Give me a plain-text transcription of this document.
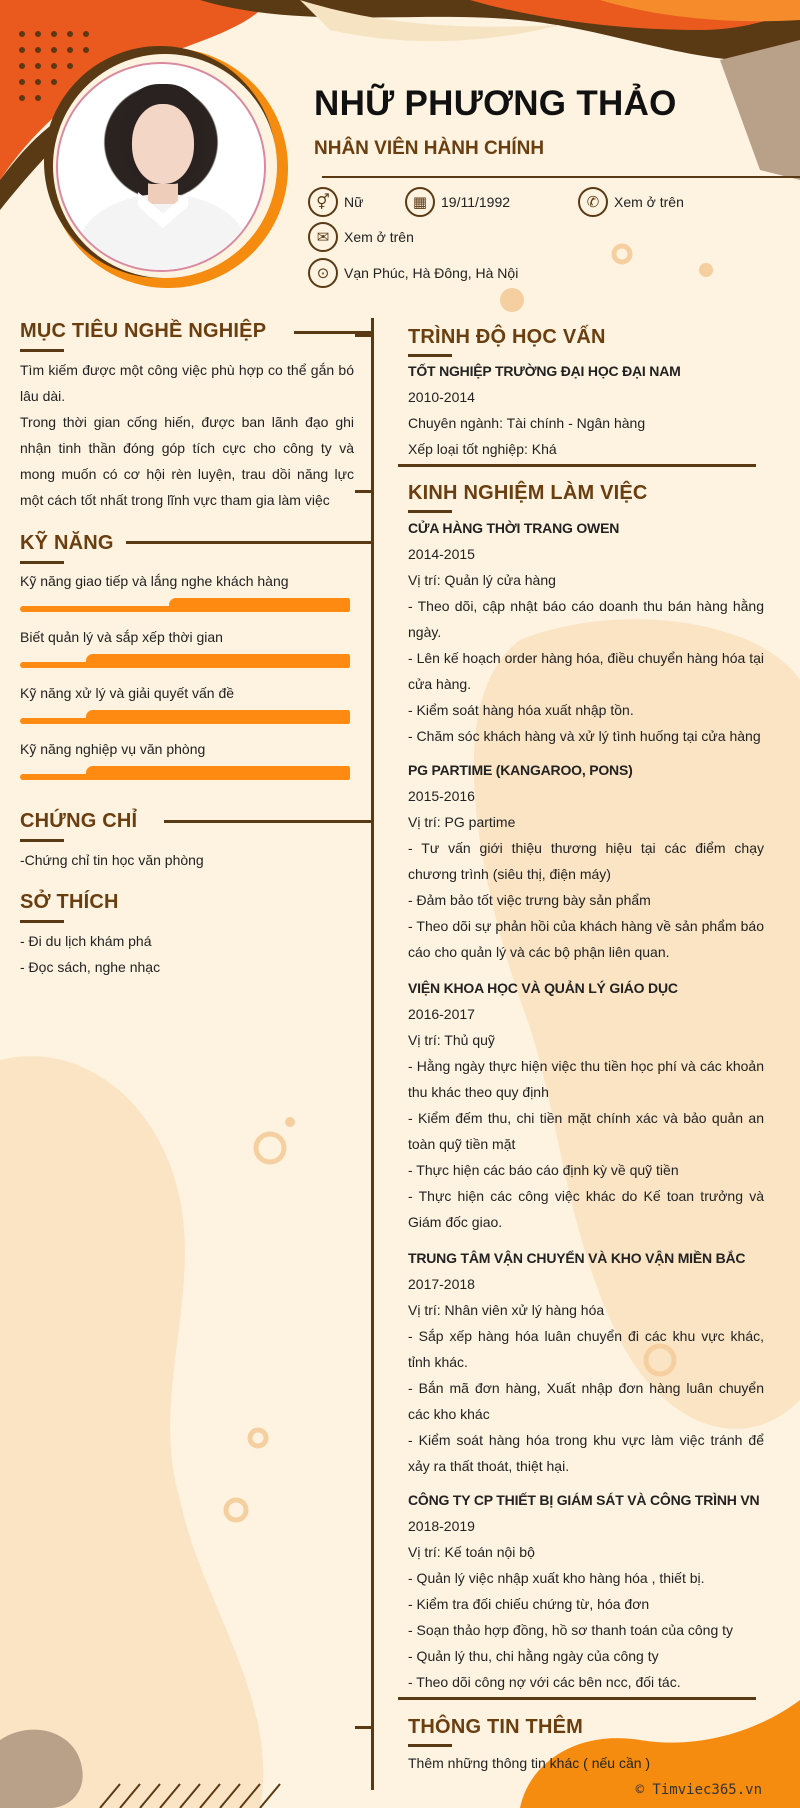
NHỮ PHƯƠNG THẢO
NHÂN VIÊN HÀNH CHÍNH
⚥	Nữ	▦ 19/11/1992	✆	Xem ở trên
✉	Xem ở trên
⊙	Vạn Phúc, Hà Đông, Hà Nội
MỤC TIÊU NGHỀ NGHIỆP
Tìm kiếm được một công việc phù hợp co thể gắn bó lâu dài.
Trong thời gian cống hiến, được ban lãnh đạo ghi nhận tinh thần đóng góp tích cực cho công ty và mong muốn có cơ hội rèn luyện, trau dồi năng lực một cách tốt nhất trong lĩnh vực tham gia làm việc
KỸ NĂNG
Kỹ năng giao tiếp và lắng nghe khách hàng
Biết quản lý và sắp xếp thời gian
Kỹ năng xử lý và giải quyết vấn đề
Kỹ năng nghiệp vụ văn phòng
CHỨNG CHỈ
-Chứng chỉ tin học văn phòng
SỞ THÍCH
- Đi du lịch khám phá
- Đọc sách, nghe nhạc
TRÌNH ĐỘ HỌC VẤN
TỐT NGHIỆP TRƯỜNG ĐẠI HỌC ĐẠI NAM
2010-2014
Chuyên ngành: Tài chính - Ngân hàng
Xếp loại tốt nghiệp: Khá
KINH NGHIỆM LÀM VIỆC
CỬA HÀNG THỜI TRANG OWEN
2014-2015
Vị trí: Quản lý cửa hàng
- Theo dõi, cập nhật báo cáo doanh thu bán hàng hằng ngày.
- Lên kế hoạch order hàng hóa, điều chuyển hàng hóa tại cửa hàng.
- Kiểm soát hàng hóa xuất nhập tồn.
- Chăm sóc khách hàng và xử lý tình huống tại cửa hàng
PG PARTIME (KANGAROO, PONS)
2015-2016
Vị trí: PG partime
- Tư vấn giới thiệu thương hiệu tại các điểm chạy chương trình (siêu thị, điện máy)
- Đảm bảo tốt việc trưng bày sản phẩm
- Theo dõi sự phản hồi của khách hàng về sản phẩm báo cáo cho quản lý và các bộ phận liên quan.
VIỆN KHOA HỌC VÀ QUẢN LÝ GIÁO DỤC
2016-2017
Vị trí: Thủ quỹ
- Hằng ngày thực hiện việc thu tiền học phí và các khoản thu khác theo quy định
- Kiểm đếm thu, chi tiền mặt chính xác và bảo quản an toàn quỹ tiền mặt
- Thực hiện các báo cáo định kỳ về quỹ tiền
- Thực hiện các công việc khác do Kế toan trưởng và Giám đốc giao.
TRUNG TÂM VẬN CHUYỂN VÀ KHO VẬN MIỀN BẮC
2017-2018
Vị trí: Nhân viên xử lý hàng hóa
- Sắp xếp hàng hóa luân chuyển đi các khu vực khác, tỉnh khác.
- Bắn mã đơn hàng, Xuất nhập đơn hàng luân chuyển các kho khác
- Kiểm soát hàng hóa trong khu vực làm việc tránh để xảy ra thất thoát, thiệt hại.
CÔNG TY CP THIẾT BỊ GIÁM SÁT VÀ CÔNG TRÌNH VN
2018-2019
Vị trí: Kế toán nội bộ
- Quản lý việc nhập xuất kho hàng hóa , thiết bị.
- Kiểm tra đối chiếu chứng từ, hóa đơn
- Soạn thảo hợp đồng, hồ sơ thanh toán của công ty
- Quản lý thu, chi hằng ngày của công ty
- Theo dõi công nợ với các bên ncc, đối tác.
THÔNG TIN THÊM
Thêm những thông tin khác ( nếu cần )
© Timviec365.vn
